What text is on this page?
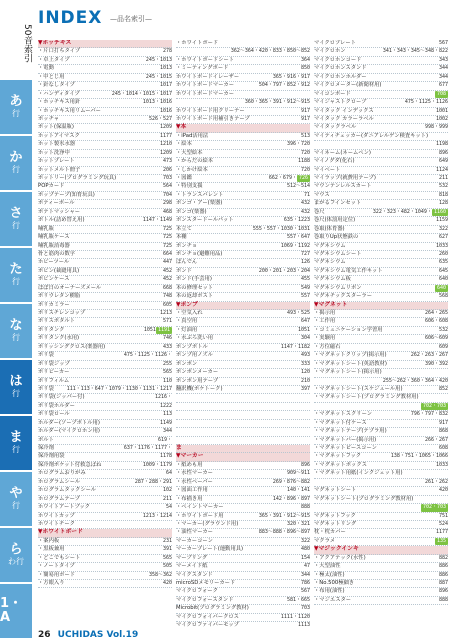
50音索引
あ
行
か
行
さ
行
た
行
な
行
は
行
ま
行
や
行
ら
わ行
1・A
INDEX —品名索引—
▼ホッチキス
・片口打ちタイプ	278
・卓上タイプ	245・1013
・電動	1013
・中とじ用	245・1015
・針なしタイプ	1017
・ハンディタイプ	245・1014・1015・1017
・ホッチキス用針	1013・1016
・ホッチキス用リムーバー	1016
ポッチャ	526・527
ポット(保温瓶)	1209
ホットアイマスク	1177
ホット製氷水器	1210
ホット洗浄中	1209
ホットプレート	473
ホットメルト冊子	206
ポットリー(プログラミング玩具)	703
POPカード	564
ポップテープ(知育玩具)	704
ポティーボール	298
ポテトマッシャー	468
ボトル(詰め替え用)	1147・1149
哺乳瓶	725
哺乳瓶ケース	725
哺乳瓶消毒器	725
骨と筋肉の数字	664
ホビーツール	447
ポビン(裁縫用具)	452
ポビンケース	452
ほぼ日のオーナーズメール	668
ポリウレタン樹脂	748
ポリカミラー	605
ポリスチレンコップ	1213
ポリスボタルト	571
ポリタンク	1051 1191
ポリタンク(水用)	746
ポリッシングクロス(楽器用)	433
ポリ袋	475・1125・1126・
ポリ袋ジップ	255
ポリビーカー	565
ポリフィルム	110
ポリ袋	111・113・647・1079・1130・1131・1217
ポリ袋(ジッパー付)	1216・
ポリ袋ホルダー	1222
ポリ袋ロール	113
ホルダー(ソープボトル用)	1149
ホルダー(マイクロホン用)	344
ボルト	619・
保冷剤	637・1176・1177・
保冷剤用袋	1178
保冷剤ポケット付救急ばね	1009・1179
ホログラムおりがみ	64
ホログラムシール	287・288・291
ホログラムタックシール	102
ホログラムテープ	211
ホワイトアートブック	54
ホワイトカップ	1213・1214
ホワイトチーク
▼ホワイトボード
・案内板	231
・黒板兼用	391
・どこでもシート	565
・ノートタイプ	505
・簡易用ボード	358〜362
・方眼入り	420
・ホワイトボード
362〜364・420・833・850〜852
・ホワイトボードシート	364
・ミーティングボード	850
ホワイトボードイレーザー	365・916・917
ホワイトボードマーカー	504・797・852・912
ホワイトボードマーカー
360・365・391・912〜915
ホワイトボード用クリーナー	917
ホワイトボード用補引きテープ	917
▼本
・iPad活用法	513
・絵本	396・720
・大型絵本	720
・からだの絵本	1188
・しかけ絵本	720
・図鑑	662・679・ 726
・特別支援	512〜514
・トランスバレント	71
ボンゴ・アー(楽器)	432
ボンゴ(楽器)	432
ボンスタードールパット	635・1223
本立て	555・557・1030・1031
本棚	557・647
ポンチョ	1069・1192
ポンチョ(避難用品)	727
ぽんでん	126
ボンド	200・201・203・204
ボンド(手芸用)	455
本の修理セット	549
本の返却ボスト	557
▼ポンプ
・空気入れ	493・525
・真空用	647
・灯油用	1051
・水ぶろ洗い用	304
ポンプボトル	1147・1182
ポンプ用ノズル	493
ポンポン	333
ポンポンメーカー	120
ポンポン用テープ	210
翻訳機(ポケトーク)	397
ま
▼マーカー
・紙めも用	896
・水性マーカー	909〜911
・水性ペーパー	269・876〜882
・図面工作用	140・141
・布描き用	142・896・897
・ペイントマーカー	888
・ホワイトボード用	365・391・912〜915
・マーカー(グラウンド用)	320・321
・油性マーカー	883〜888・896〜897
マーカーコーン	322
マーカープレート(運動用具)	480
マーブリング	154
マーメイド紙	47
マイクスタンド	344
microSDメモリーカード	786
マイクロフォーク	567
マイクロフォースタンド	581・665
Microbit(プログラミング教材)	703
マイクロフォイバークロス	1111・1120
マイクロファイバーモップ	1113
マイクロプレート	567
マイクロホン	341・343・345〜348・822
マイクロホンコード	343
マイクロホンスタンド	344
マイクロホンホルダー	344
マイクロメーター(新聞材用)	677
マイコンボード	708
マイジャストクローブ	475・1125・1126
マイタック インデックス	1001
マイタック カラーラベル	1002
マイタックラベル	998・999
マイティチェッカー(ダニアレルゲン検査キット)
1198
マイネーム(ネームペン)	896
マイノグダ(化石)	649
マイベート	1124
マイラップ(就費用テープ)	211
マウンテンレルスカート	532
マウス	818
まがるフインセット	128
巻尺	322・323・482・1049・ 1160
巻尺(体罰用定位)	1159
巻取(体育器)	322
巻取りUp状態鉄の	627
マグネシウム	1033
マグネシウムシート	260
マグネシウム	635
マグネシウム電気工作キット	645
マグネシウム板	640
マグネシウムリボン	640
マグネチックスターラー	568
▼マグネット
・掲示用	264・265
・工作用	606・608
・コミュニケーション学習用	532
・実験用	606〜609
・方位磁石	609
・マグネットクリップ(掲示用)	262・263・267
・マグネットシート(英語教材)	390・392
・マグネットシート(掲示用)
255〜262・360・364・420
・マグネットシート(スケジュール用)	852
・マグネットシート(プログラミング教材用)
702・703
・マグネットスクリーン	796・797・832
・マグネット付ケース	917
・マグネットテープ(テプラ用)	868
・マグネットバー(掲示用)	266・267
・マグネットピースコーン	608
・マグネットフック	138・751・1065・1066
・マグネットボックス	1033
・マグネット用紙(インクジェット用)
261・262
マグネットシート	420
マグネットシート(プログラミング教材用)
702・703
マグネットフック	751
マグネットリング	524
枕・枕カバー	1177
マクラメ	135
▼マジックインキ
・アクアテック(水性)	882
・大型油性	886
・極太(油性)	886
・No.500極細き	887
・布用(油性)	896
・マジエスター	888
26 UCHIDAS Vol.19
